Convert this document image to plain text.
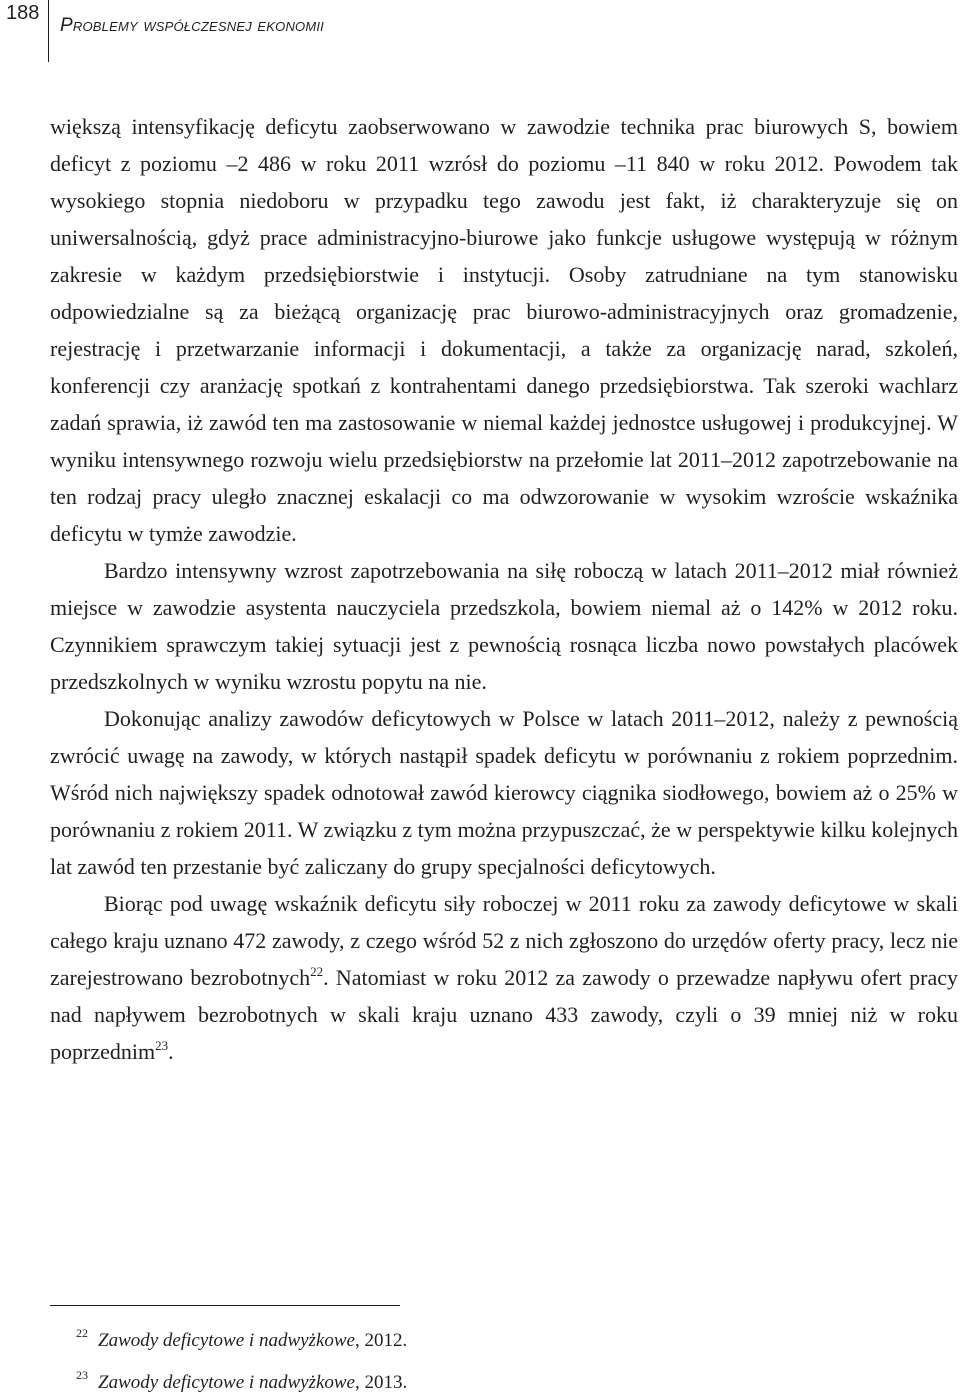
188
Problemy współczesnej ekonomii

większą intensyfikację deficytu zaobserwowano w zawodzie technika prac biurowych S, bowiem deficyt z poziomu –2 486 w roku 2011 wzrósł do poziomu –11 840 w roku 2012. Powodem tak wysokiego stopnia niedoboru w przypadku tego zawodu jest fakt, iż charakteryzuje się on uniwersalnością, gdyż prace administracyjno-biurowe jako funkcje usługowe występują w różnym zakresie w każdym przedsiębiorstwie i instytucji. Osoby zatrudniane na tym stanowisku odpowiedzialne są za bieżącą organizację prac biurowo-administracyjnych oraz gromadzenie, rejestrację i przetwarzanie informacji i dokumentacji, a także za organizację narad, szkoleń, konferencji czy aranżację spotkań z kontrahentami danego przedsiębiorstwa. Tak szeroki wachlarz zadań sprawia, iż zawód ten ma zastosowanie w niemal każdej jednostce usługowej i produkcyjnej. W wyniku intensywnego rozwoju wielu przedsiębiorstw na przełomie lat 2011–2012 zapotrzebowanie na ten rodzaj pracy uległo znacznej eskalacji co ma odwzorowanie w wysokim wzroście wskaźnika deficytu w tymże zawodzie.

Bardzo intensywny wzrost zapotrzebowania na siłę roboczą w latach 2011–2012 miał również miejsce w zawodzie asystenta nauczyciela przedszkola, bowiem niemal aż o 142% w 2012 roku. Czynnikiem sprawczym takiej sytuacji jest z pewnością rosnąca liczba nowo powstałych placówek przedszkolnych w wyniku wzrostu popytu na nie.

Dokonując analizy zawodów deficytowych w Polsce w latach 2011–2012, należy z pewnością zwrócić uwagę na zawody, w których nastąpił spadek deficytu w porównaniu z rokiem poprzednim. Wśród nich największy spadek odnotował zawód kierowcy ciągnika siodłowego, bowiem aż o 25% w porównaniu z rokiem 2011. W związku z tym można przypuszczać, że w perspektywie kilku kolejnych lat zawód ten przestanie być zaliczany do grupy specjalności deficytowych.

Biorąc pod uwagę wskaźnik deficytu siły roboczej w 2011 roku za zawody deficytowe w skali całego kraju uznano 472 zawody, z czego wśród 52 z nich zgłoszono do urzędów oferty pracy, lecz nie zarejestrowano bezrobotnych$^{22}$. Natomiast w roku 2012 za zawody o przewadze napływu ofert pracy nad napływem bezrobotnych w skali kraju uznano 433 zawody, czyli o 39 mniej niż w roku poprzednim$^{23}$.

$^{22}$ Zawody deficytowe i nadwyżkowe, 2012.
$^{23}$ Zawody deficytowe i nadwyżkowe, 2013.
